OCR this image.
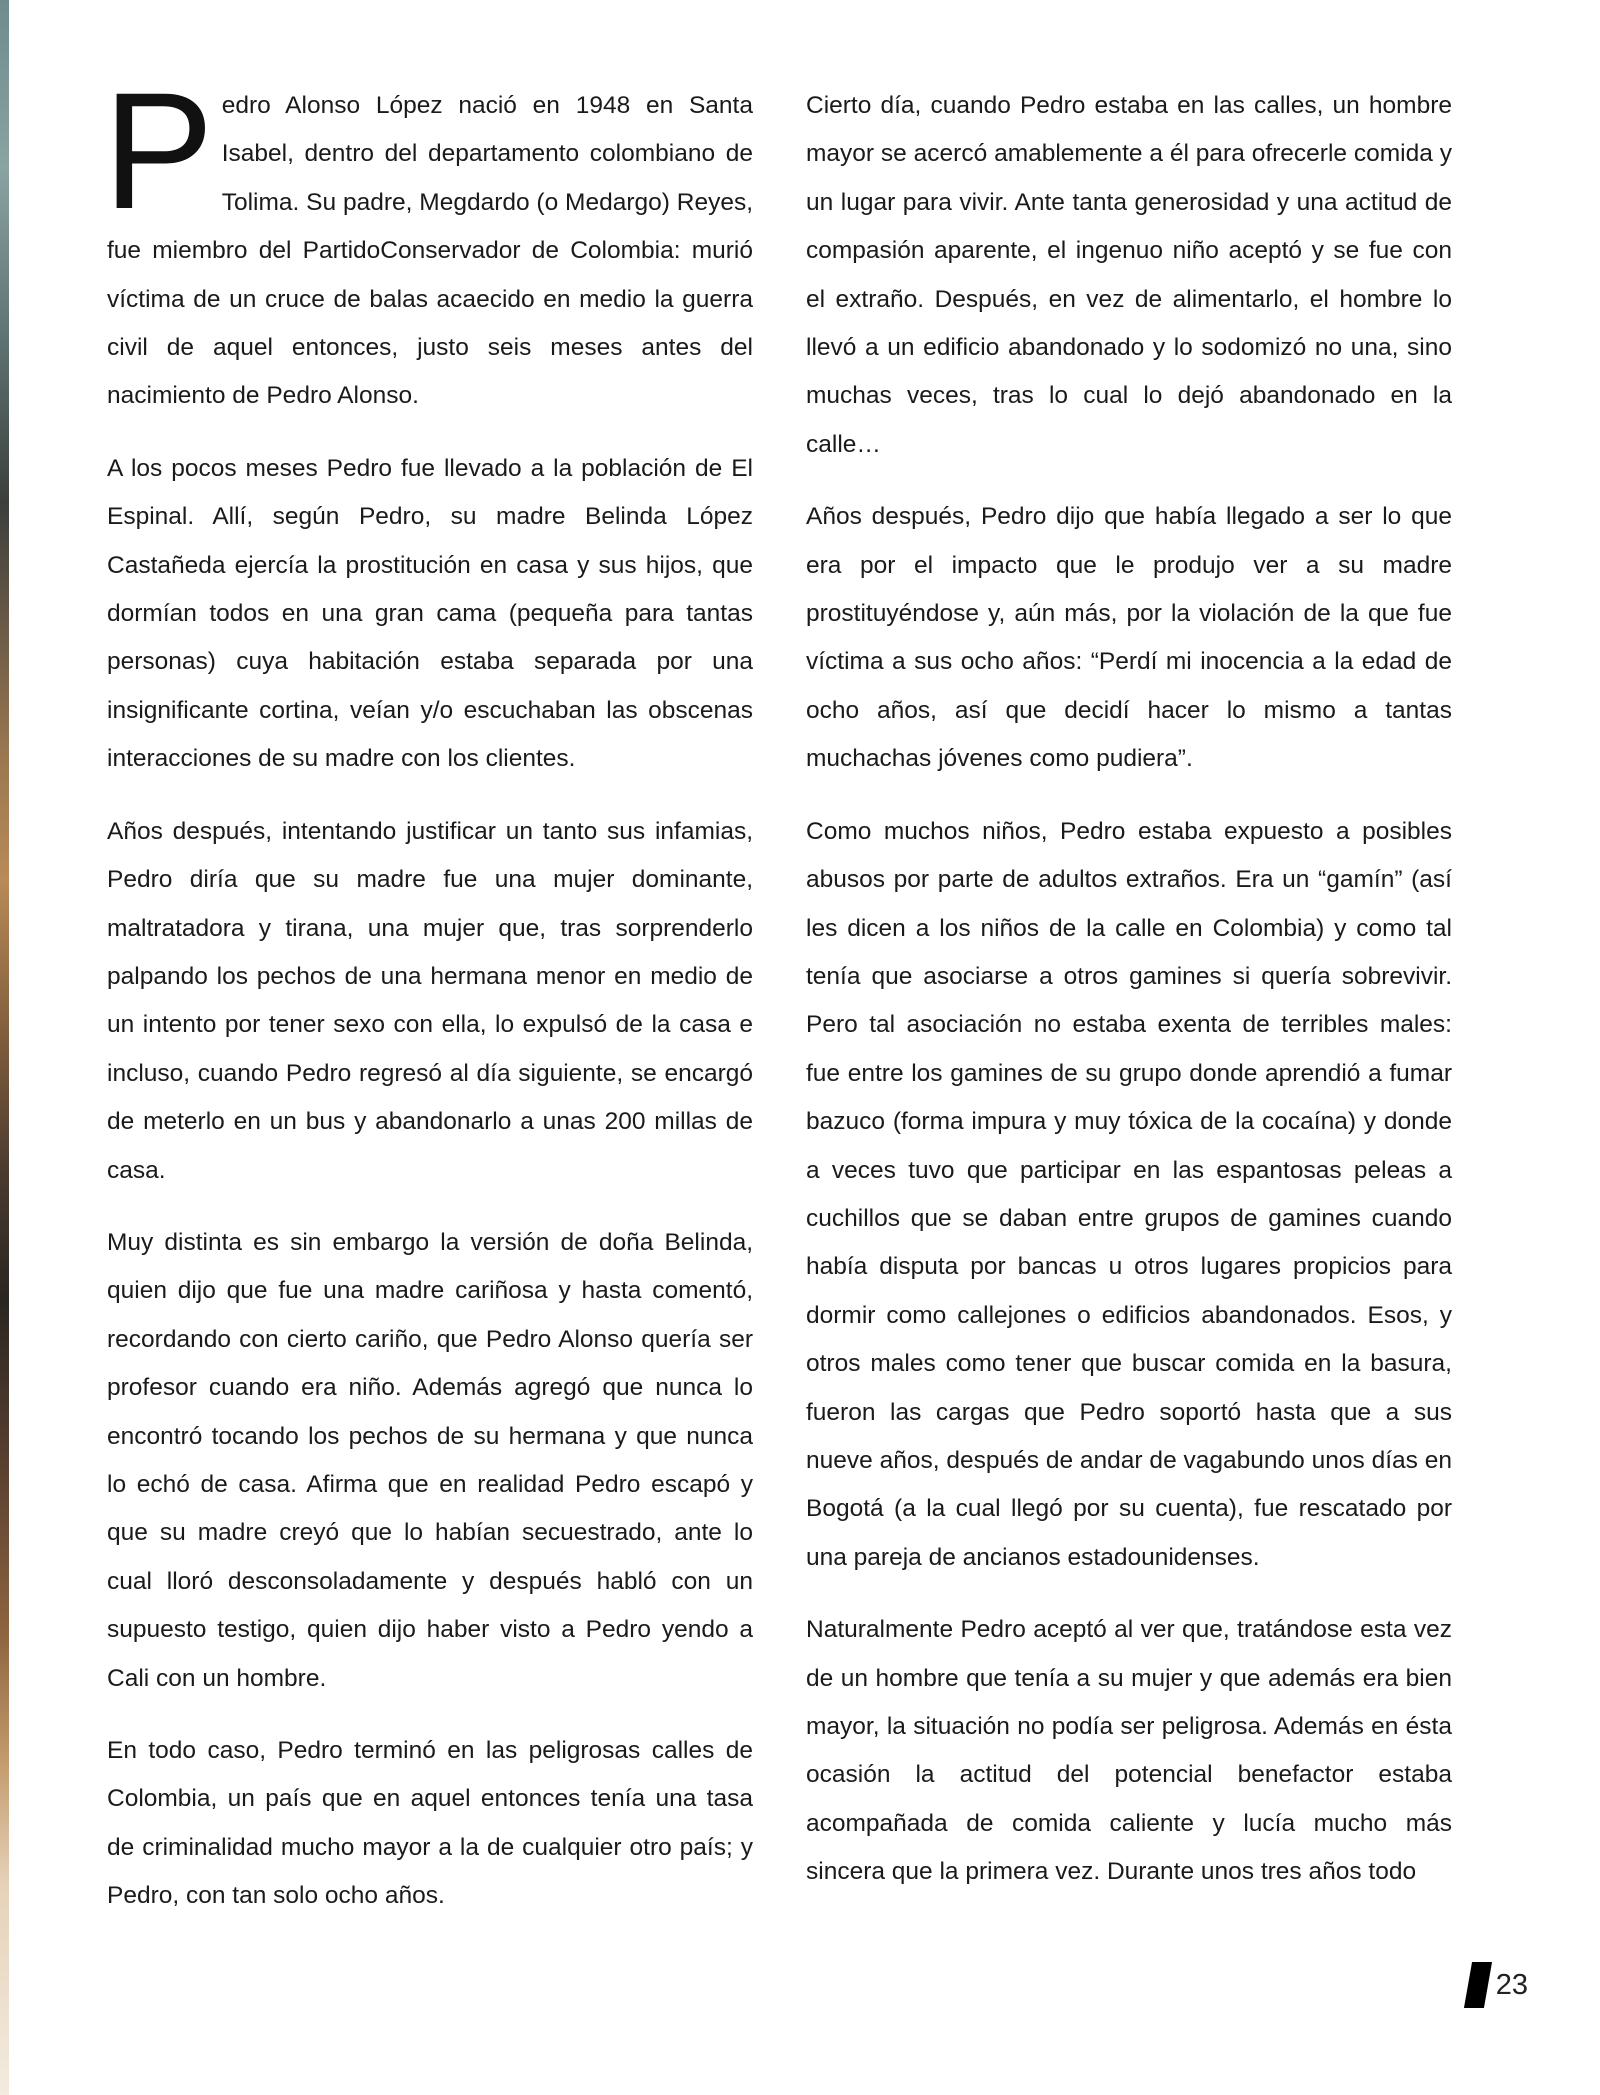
Pedro Alonso López nació en 1948 en Santa Isabel, dentro del departamento colombiano de Tolima. Su padre, Megdardo (o Medargo) Reyes, fue miembro del PartidoConservador de Colombia: murió víctima de un cruce de balas acaecido en medio la guerra civil de aquel entonces, justo seis meses antes del nacimiento de Pedro Alonso.

A los pocos meses Pedro fue llevado a la población de El Espinal. Allí, según Pedro, su madre Belinda López Castañeda ejercía la prostitución en casa y sus hijos, que dormían todos en una gran cama (pequeña para tantas personas) cuya habitación estaba separada por una insignificante cortina, veían y/o escuchaban las obscenas interacciones de su madre con los clientes.

Años después, intentando justificar un tanto sus infamias, Pedro diría que su madre fue una mujer dominante, maltratadora y tirana, una mujer que, tras sorprenderlo palpando los pechos de una hermana menor en medio de un intento por tener sexo con ella, lo expulsó de la casa e incluso, cuando Pedro regresó al día siguiente, se encargó de meterlo en un bus y abandonarlo a unas 200 millas de casa.

Muy distinta es sin embargo la versión de doña Belinda, quien dijo que fue una madre cariñosa y hasta comentó, recordando con cierto cariño, que Pedro Alonso quería ser profesor cuando era niño. Además agregó que nunca lo encontró tocando los pechos de su hermana y que nunca lo echó de casa. Afirma que en realidad Pedro escapó y que su madre creyó que lo habían secuestrado, ante lo cual lloró desconsoladamente y después habló con un supuesto testigo, quien dijo haber visto a Pedro yendo a Cali con un hombre.

En todo caso, Pedro terminó en las peligrosas calles de Colombia, un país que en aquel entonces tenía una tasa de criminalidad mucho mayor a la de cualquier otro país; y Pedro, con tan solo ocho años.

Cierto día, cuando Pedro estaba en las calles, un hombre mayor se acercó amablemente a él para ofrecerle comida y un lugar para vivir. Ante tanta generosidad y una actitud de compasión aparente, el ingenuo niño aceptó y se fue con el extraño. Después, en vez de alimentarlo, el hombre lo llevó a un edificio abandonado y lo sodomizó no una, sino muchas veces, tras lo cual lo dejó abandonado en la calle…

Años después, Pedro dijo que había llegado a ser lo que era por el impacto que le produjo ver a su madre prostituyéndose y, aún más, por la violación de la que fue víctima a sus ocho años: “Perdí mi inocencia a la edad de ocho años, así que decidí hacer lo mismo a tantas muchachas jóvenes como pudiera”.

Como muchos niños, Pedro estaba expuesto a posibles abusos por parte de adultos extraños. Era un “gamín” (así les dicen a los niños de la calle en Colombia) y como tal tenía que asociarse a otros gamines si quería sobrevivir. Pero tal asociación no estaba exenta de terribles males: fue entre los gamines de su grupo donde aprendió a fumar bazuco (forma impura y muy tóxica de la cocaína) y donde a veces tuvo que participar en las espantosas peleas a cuchillos que se daban entre grupos de gamines cuando había disputa por bancas u otros lugares propicios para dormir como callejones o edificios abandonados. Esos, y otros males como tener que buscar comida en la basura, fueron las cargas que Pedro soportó hasta que a sus nueve años, después de andar de vagabundo unos días en Bogotá (a la cual llegó por su cuenta), fue rescatado por una pareja de ancianos estadounidenses.

Naturalmente Pedro aceptó al ver que, tratándose esta vez de un hombre que tenía a su mujer y que además era bien mayor, la situación no podía ser peligrosa. Además en ésta ocasión la actitud del potencial benefactor estaba acompañada de comida caliente y lucía mucho más sincera que la primera vez. Durante unos tres años todo

23
